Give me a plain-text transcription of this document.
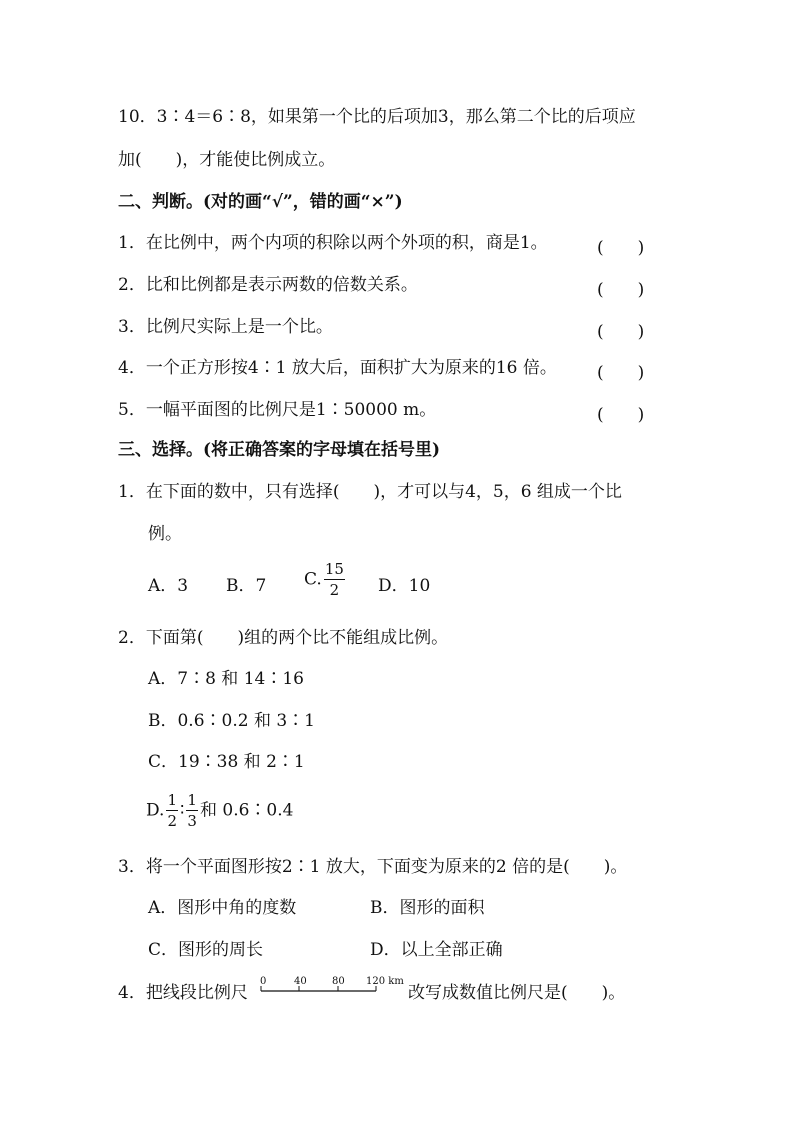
10．3∶4＝6∶8，如果第一个比的后项加3，那么第二个比的后项应
加(　　)，才能使比例成立。
二、判断。(对的画“√”，错的画“×”)
1．在比例中，两个内项的积除以两个外项的积，商是1。	(　　)
2．比和比例都是表示两数的倍数关系。	(　　)
3．比例尺实际上是一个比。	(　　)
4．一个正方形按4∶1 放大后，面积扩大为原来的16 倍。 (　　)
5．一幅平面图的比例尺是1∶50000 m。	(　　)
三、选择。(将正确答案的字母填在括号里)
1．在下面的数中，只有选择(　　)，才可以与4，5，6 组成一个比
例。
A．3 B．7 C. $\frac{15}{2}$ D．10
2．下面第(　　)组的两个比不能组成比例。
A．7∶8 和 14∶16
B．0.6∶0.2 和 3∶1
C．19∶38 和 2∶1
D. $\frac{1}{2}$ ∶ $\frac{1}{3}$ 和 0.6∶0.4
3．将一个平面图形按2∶1 放大，下面变为原来的2 倍的是(　　)。
A．图形中角的度数	B．图形的面积
C．图形的周长	D．以上全部正确
4．把线段比例尺
0	40	80 120 km
改写成数值比例尺是(　　)。
